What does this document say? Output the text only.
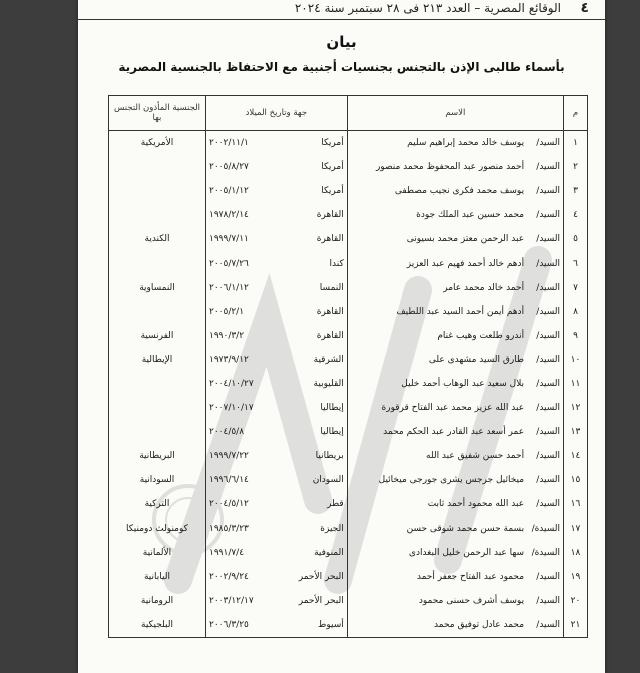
٤
الوقائع المصرية – العدد ٢١٣ فى ٢٨ سبتمبر سنة ٢٠٢٤
بيان
بأسماء طالبى الإذن بالتجنس بجنسيات أجنبية مع الاحتفاظ بالجنسية المصرية
م	الاسم		جهة وتاريخ الميلاد		الجنسية المأذون التجنس بها
١	السيد/	يوسف خالد محمد إبراهيم سليم	أمريكا	٢٠٠٢/١١/١	الأمريكية
٢	السيد/	أحمد منصور عبد المحفوظ محمد منصور	أمريكا	٢٠٠٥/٨/٢٧	
٣	السيد/	يوسف محمد فكرى نجيب مصطفى	أمريكا	٢٠٠٥/١/١٢	
٤	السيد/	محمد حسين عبد الملك جودة	القاهرة	١٩٧٨/٢/١٤	
٥	السيد/	عبد الرحمن معتز محمد بسيونى	القاهرة	١٩٩٩/٧/١١	الكندية
٦	السيد/	أدهم خالد أحمد فهيم عبد العزيز	كندا	٢٠٠٥/٧/٢٦	
٧	السيد/	أحمد خالد محمد عامر	النمسا	٢٠٠٦/١/١٢	النمساوية
٨	السيد/	أدهم أيمن أحمد السيد عبد اللطيف	القاهرة	٢٠٠٥/٢/١	
٩	السيد/	أندرو طلعت وهيب غنام	القاهرة	١٩٩٠/٣/٢	الفرنسية
١٠	السيد/	طارق السيد مشهدى على	الشرقية	١٩٧٣/٩/١٢	الإيطالية
١١	السيد/	بلال سعيد عبد الوهاب أحمد خليل	القليوبية	٢٠٠٤/١٠/٢٧	
١٢	السيد/	عبد الله عزيز محمد عبد الفتاح قرقورة	إيطاليا	٢٠٠٧/١٠/١٧	
١٣	السيد/	عمر أسعد عبد القادر عبد الحكم محمد	إيطاليا	٢٠٠٤/٥/٨	
١٤	السيد/	أحمد حسن شفيق عبد الله	بريطانيا	١٩٩٩/٧/٢٢	البريطانية
١٥	السيد/	ميخائيل جرجس يشرى جورجى ميخائيل	السودان	١٩٩٦/٦/١٤	السودانية
١٦	السيد/	عبد الله محمود أحمد ثابت	قطر	٢٠٠٤/٥/١٢	التركية
١٧	السيدة/	بسمة حسن محمد شوقى حسن	الجيزة	١٩٨٥/٣/٢٣	كومنولث دومنيكا
١٨	السيدة/	سها عبد الرحمن خليل البغدادى	المنوفية	١٩٩١/٧/٤	الألمانية
١٩	السيد/	محمود عبد الفتاح جعفر أحمد	البحر الأحمر	٢٠٠٢/٩/٢٤	اليابانية
٢٠	السيد/	يوسف أشرف حسنى محمود	البحر الأحمر	٢٠٠٣/١٢/١٧	الرومانية
٢١	السيد/	محمد عادل توفيق محمد	أسيوط	٢٠٠٦/٣/٢٥	البلجيكية
